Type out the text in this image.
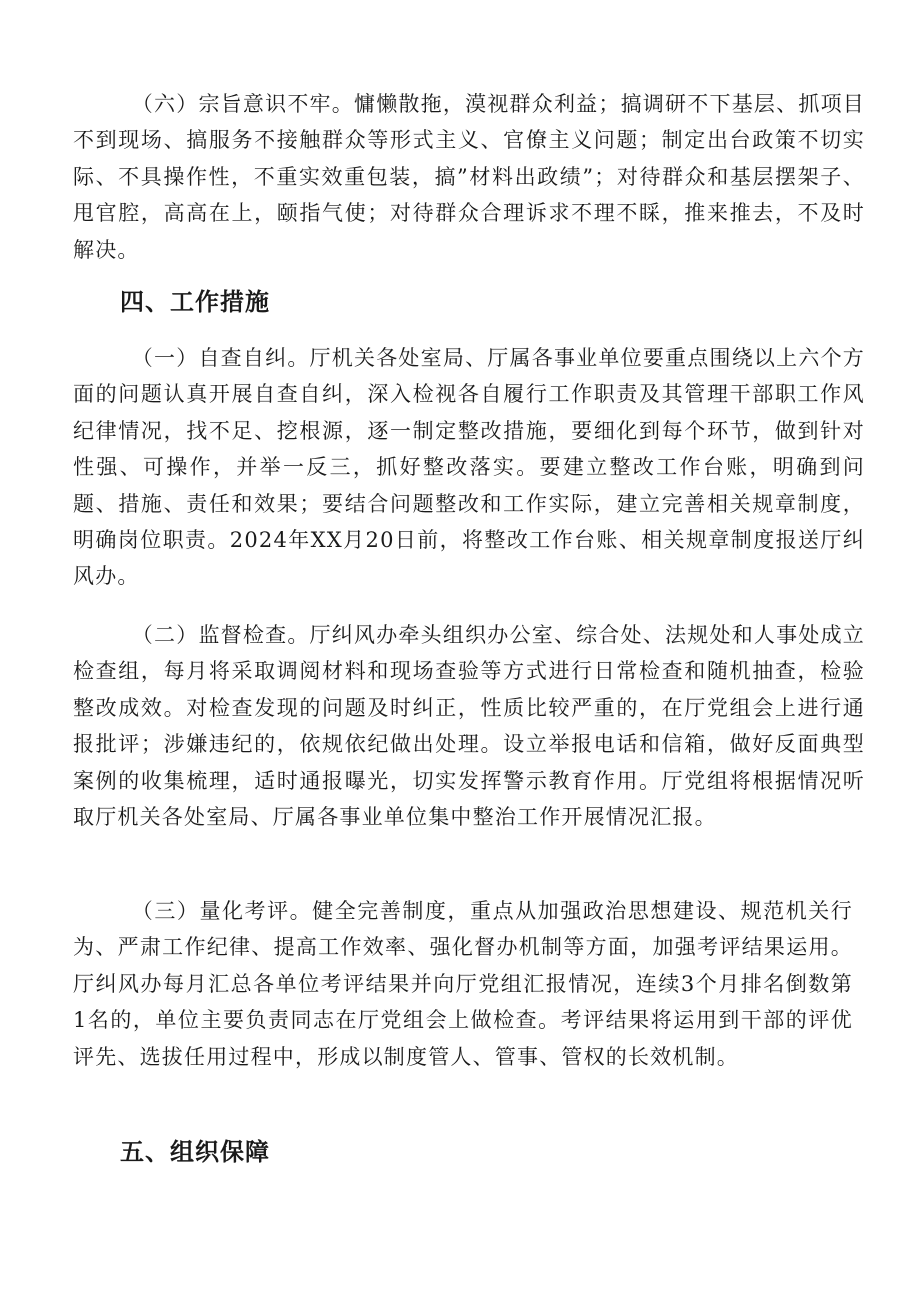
（六）宗旨意识不牢。慵懒散拖，漠视群众利益；搞调研不下基层、抓项目不到现场、搞服务不接触群众等形式主义、官僚主义问题；制定出台政策不切实际、不具操作性，不重实效重包装，搞”材料出政绩”；对待群众和基层摆架子、甩官腔，高高在上，颐指气使；对待群众合理诉求不理不睬，推来推去，不及时解决。

四、工作措施

（一）自查自纠。厅机关各处室局、厅属各事业单位要重点围绕以上六个方面的问题认真开展自查自纠，深入检视各自履行工作职责及其管理干部职工作风纪律情况，找不足、挖根源，逐一制定整改措施，要细化到每个环节，做到针对性强、可操作，并举一反三，抓好整改落实。要建立整改工作台账，明确到问题、措施、责任和效果；要结合问题整改和工作实际，建立完善相关规章制度，明确岗位职责。2024年XX月20日前，将整改工作台账、相关规章制度报送厅纠风办。

（二）监督检查。厅纠风办牵头组织办公室、综合处、法规处和人事处成立检查组，每月将采取调阅材料和现场查验等方式进行日常检查和随机抽查，检验整改成效。对检查发现的问题及时纠正，性质比较严重的，在厅党组会上进行通报批评；涉嫌违纪的，依规依纪做出处理。设立举报电话和信箱，做好反面典型案例的收集梳理，适时通报曝光，切实发挥警示教育作用。厅党组将根据情况听取厅机关各处室局、厅属各事业单位集中整治工作开展情况汇报。

（三）量化考评。健全完善制度，重点从加强政治思想建设、规范机关行为、严肃工作纪律、提高工作效率、强化督办机制等方面，加强考评结果运用。厅纠风办每月汇总各单位考评结果并向厅党组汇报情况，连续3个月排名倒数第1名的，单位主要负责同志在厅党组会上做检查。考评结果将运用到干部的评优评先、选拔任用过程中，形成以制度管人、管事、管权的长效机制。

五、组织保障
